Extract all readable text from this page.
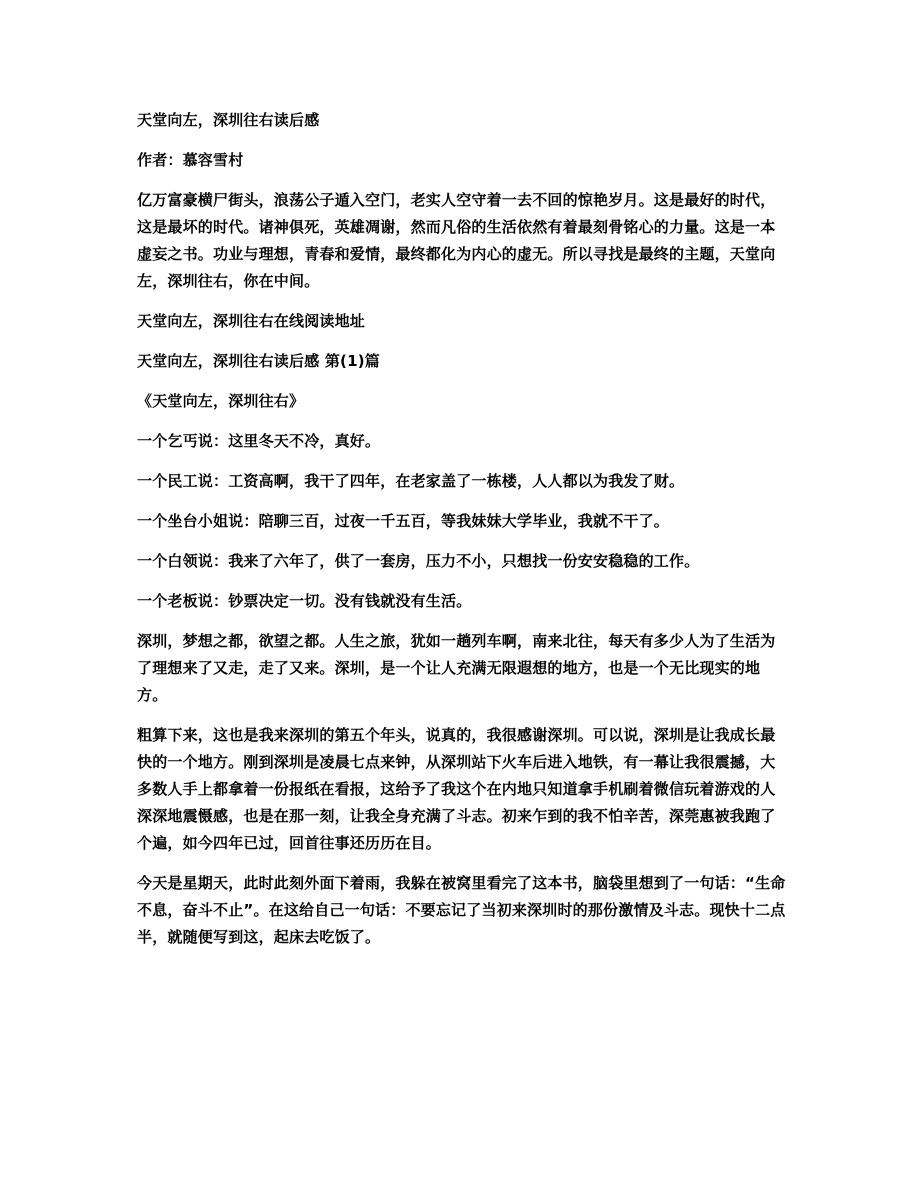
天堂向左，深圳往右读后感

作者：慕容雪村

亿万富豪横尸街头，浪荡公子遁入空门，老实人空守着一去不回的惊艳岁月。这是最好的时代，这是最坏的时代。诸神俱死，英雄凋谢，然而凡俗的生活依然有着最刻骨铭心的力量。这是一本虚妄之书。功业与理想，青春和爱情，最终都化为内心的虚无。所以寻找是最终的主题，天堂向左，深圳往右，你在中间。

天堂向左，深圳往右在线阅读地址

天堂向左，深圳往右读后感 第(1)篇

《天堂向左，深圳往右》

一个乞丐说：这里冬天不冷，真好。

一个民工说：工资高啊，我干了四年，在老家盖了一栋楼，人人都以为我发了财。

一个坐台小姐说：陪聊三百，过夜一千五百，等我妹妹大学毕业，我就不干了。

一个白领说：我来了六年了，供了一套房，压力不小，只想找一份安安稳稳的工作。

一个老板说：钞票决定一切。没有钱就没有生活。

深圳，梦想之都，欲望之都。人生之旅，犹如一趟列车啊，南来北往，每天有多少人为了生活为了理想来了又走，走了又来。深圳，是一个让人充满无限遐想的地方，也是一个无比现实的地方。

粗算下来，这也是我来深圳的第五个年头，说真的，我很感谢深圳。可以说，深圳是让我成长最快的一个地方。刚到深圳是凌晨七点来钟，从深圳站下火车后进入地铁，有一幕让我很震撼，大多数人手上都拿着一份报纸在看报，这给予了我这个在内地只知道拿手机刷着微信玩着游戏的人深深地震慑感，也是在那一刻，让我全身充满了斗志。初来乍到的我不怕辛苦，深莞惠被我跑了个遍，如今四年已过，回首往事还历历在目。

今天是星期天，此时此刻外面下着雨，我躲在被窝里看完了这本书，脑袋里想到了一句话：“生命不息，奋斗不止”。在这给自己一句话：不要忘记了当初来深圳时的那份激情及斗志。现快十二点半，就随便写到这，起床去吃饭了。
